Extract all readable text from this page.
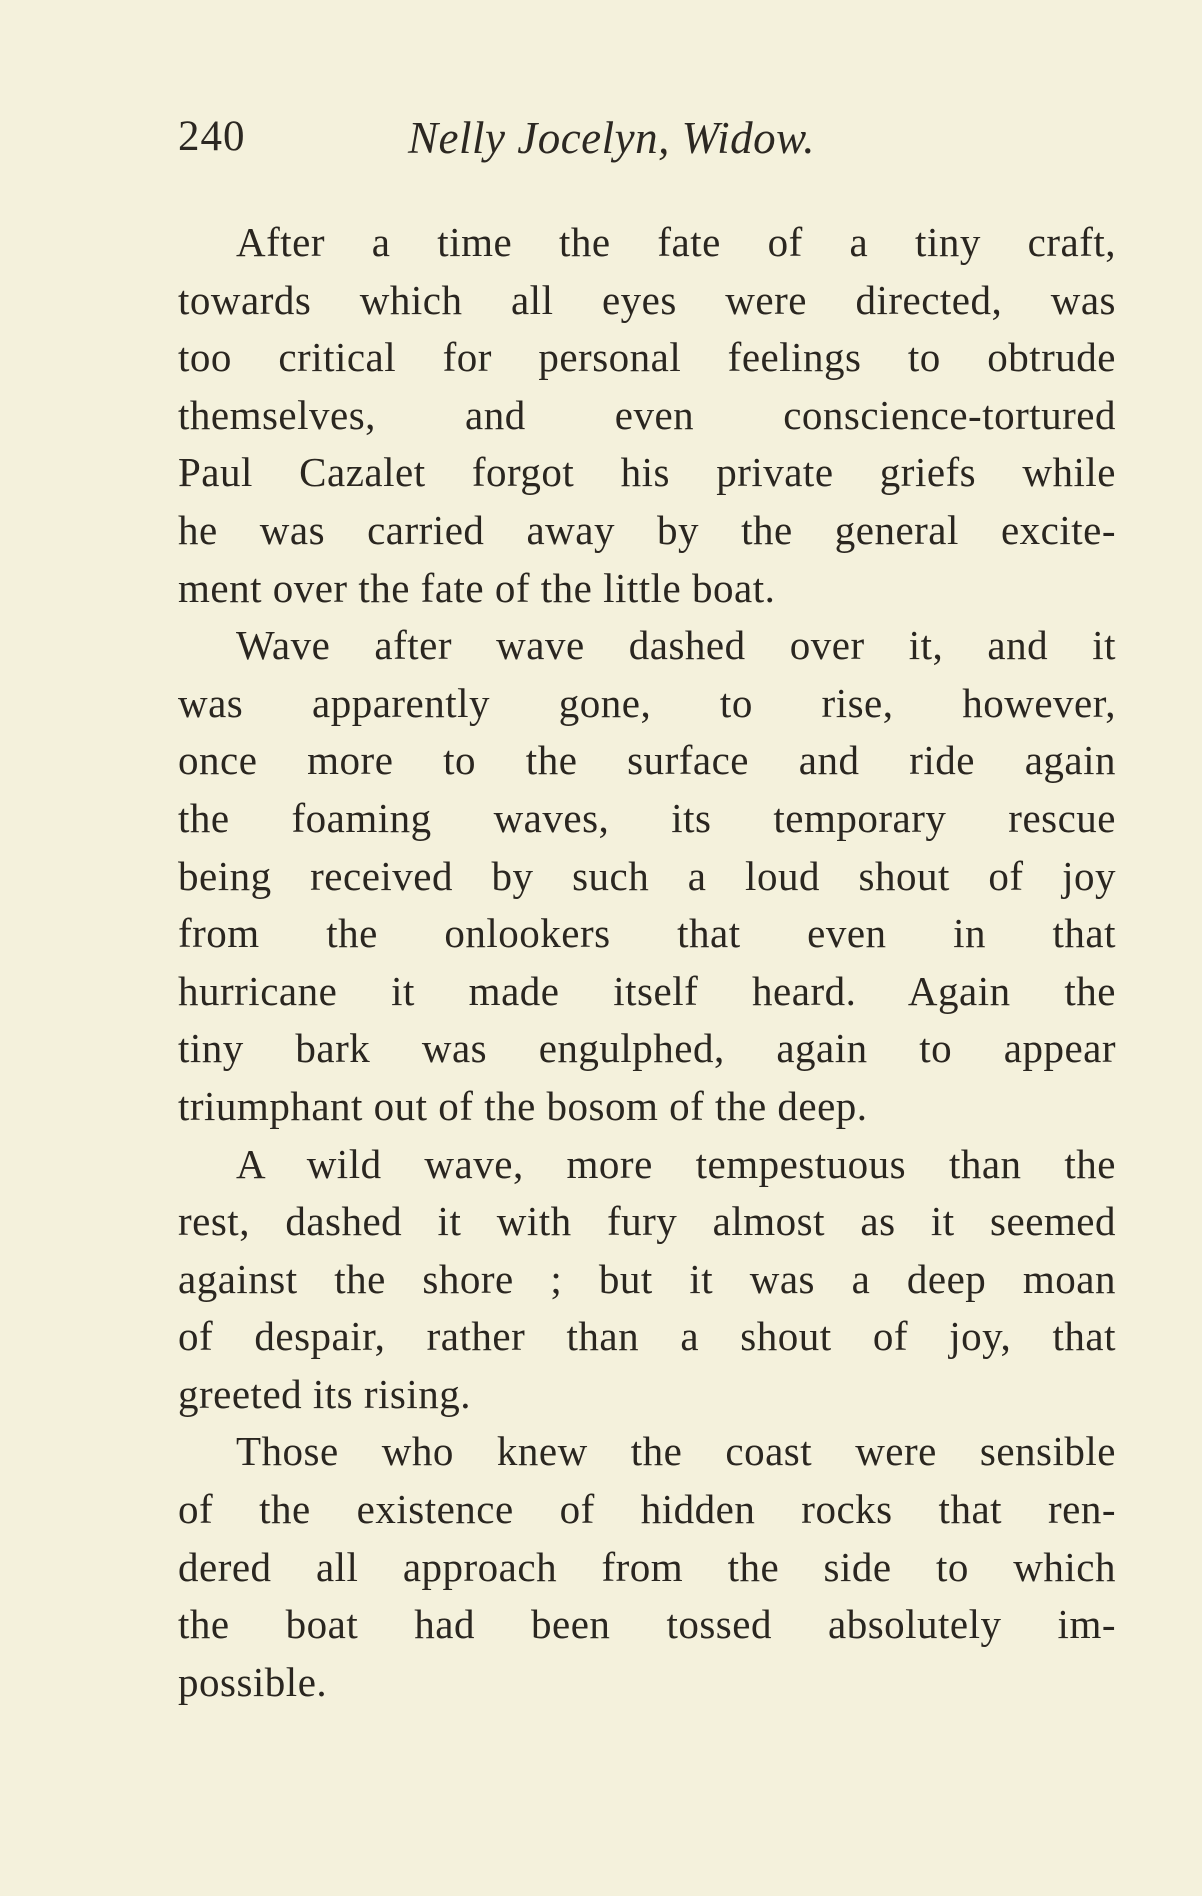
240	Nelly Jocelyn, Widow.
After a time the fate of a tiny craft,
towards which all eyes were directed, was
too critical for personal feelings to obtrude
themselves, and even conscience-tortured
Paul Cazalet forgot his private griefs while
he was carried away by the general excite-
ment over the fate of the little boat.
Wave after wave dashed over it, and it
was apparently gone, to rise, however,
once more to the surface and ride again
the foaming waves, its temporary rescue
being received by such a loud shout of joy
from the onlookers that even in that
hurricane it made itself heard. Again the
tiny bark was engulphed, again to appear
triumphant out of the bosom of the deep.
A wild wave, more tempestuous than the
rest, dashed it with fury almost as it seemed
against the shore ; but it was a deep moan
of despair, rather than a shout of joy, that
greeted its rising.
Those who knew the coast were sensible
of the existence of hidden rocks that ren-
dered all approach from the side to which
the boat had been tossed absolutely im-
possible.
